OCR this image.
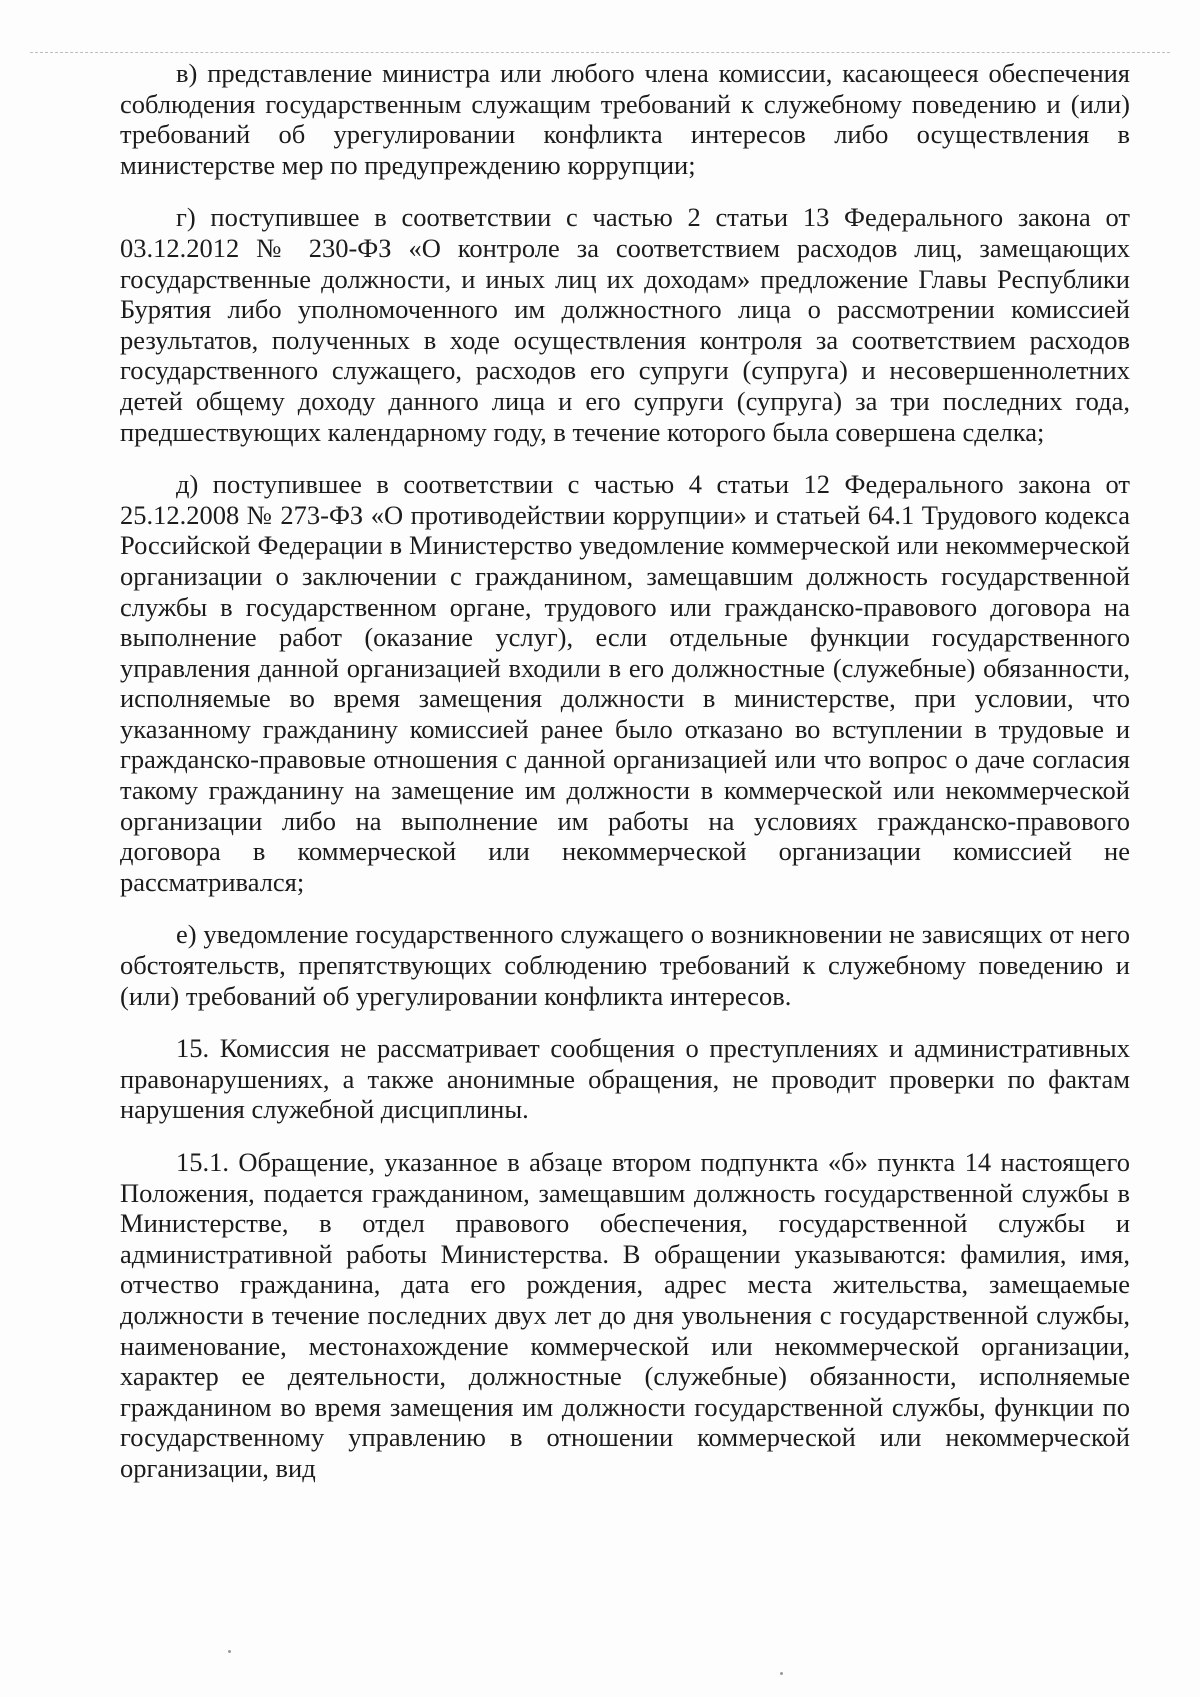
в) представление министра или любого члена комиссии, касающееся обеспечения соблюдения государственным служащим требований к служебному поведению и (или) требований об урегулировании конфликта интересов либо осуществления в министерстве мер по предупреждению коррупции;

г) поступившее в соответствии с частью 2 статьи 13 Федерального закона от 03.12.2012 № 230-ФЗ «О контроле за соответствием расходов лиц, замещающих государственные должности, и иных лиц их доходам» предложение Главы Республики Бурятия либо уполномоченного им должностного лица о рассмотрении комиссией результатов, полученных в ходе осуществления контроля за соответствием расходов государственного служащего, расходов его супруги (супруга) и несовершеннолетних детей общему доходу данного лица и его супруги (супруга) за три последних года, предшествующих календарному году, в течение которого была совершена сделка;

д) поступившее в соответствии с частью 4 статьи 12 Федерального закона от 25.12.2008 № 273-ФЗ «О противодействии коррупции» и статьей 64.1 Трудового кодекса Российской Федерации в Министерство уведомление коммерческой или некоммерческой организации о заключении с гражданином, замещавшим должность государственной службы в государственном органе, трудового или гражданско-правового договора на выполнение работ (оказание услуг), если отдельные функции государственного управления данной организацией входили в его должностные (служебные) обязанности, исполняемые во время замещения должности в министерстве, при условии, что указанному гражданину комиссией ранее было отказано во вступлении в трудовые и гражданско-правовые отношения с данной организацией или что вопрос о даче согласия такому гражданину на замещение им должности в коммерческой или некоммерческой организации либо на выполнение им работы на условиях гражданско-правового договора в коммерческой или некоммерческой организации комиссией не рассматривался;

е) уведомление государственного служащего о возникновении не зависящих от него обстоятельств, препятствующих соблюдению требований к служебному поведению и (или) требований об урегулировании конфликта интересов.

15. Комиссия не рассматривает сообщения о преступлениях и административных правонарушениях, а также анонимные обращения, не проводит проверки по фактам нарушения служебной дисциплины.

15.1. Обращение, указанное в абзаце втором подпункта «б» пункта 14 настоящего Положения, подается гражданином, замещавшим должность государственной службы в Министерстве, в отдел правового обеспечения, государственной службы и административной работы Министерства. В обращении указываются: фамилия, имя, отчество гражданина, дата его рождения, адрес места жительства, замещаемые должности в течение последних двух лет до дня увольнения с государственной службы, наименование, местонахождение коммерческой или некоммерческой организации, характер ее деятельности, должностные (служебные) обязанности, исполняемые гражданином во время замещения им должности государственной службы, функции по государственному управлению в отношении коммерческой или некоммерческой организации, вид
